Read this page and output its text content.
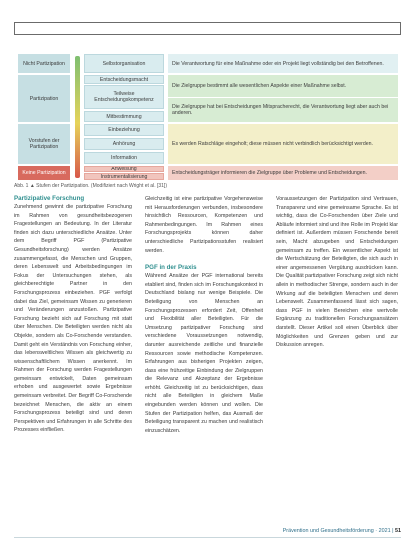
Nicht Partizipation
Partizipation
Vorstufen der Partizipation
Keine Partizipation
Selbstorganisation
Entscheidungsmacht
Teilweise Entscheidungskompetenz
Mitbestimmung
Einbeziehung
Anhörung
Information
Anweisung
Instrumentalisierung
Die Verantwortung für eine Maßnahme oder ein Projekt liegt vollständig bei den Betroffenen.
Die Zielgruppe bestimmt alle wesentlichen Aspekte einer Maßnahme selbst.
Die Zielgruppe hat bei Entscheidungen Mitspracherecht, die Verantwortung liegt aber auch bei anderen.
Es werden Ratschläge eingeholt; diese müssen nicht verbindlich berücksichtigt werden.
Entscheidungsträger informieren die Zielgruppe über Probleme und Entscheidungen.
Abb. 1 ▲ Stufen der Partizipation. (Modifiziert nach Wright et al. [31])
Partizipative Forschung

Zunehmend gewinnt die partizipative Forschung im Rahmen von gesundheitsbezogenen Fragestellungen an Bedeutung. In der Literatur finden sich dazu unterschiedliche Ansätze. Unter dem Begriff PGF (Partizipative Gesundheitsforschung) werden Ansätze zusammengefasst, die Menschen und Gruppen, deren Lebenswelt und Arbeitsbedingungen im Fokus der Untersuchungen stehen, als gleichberechtigte Partner in den Forschungsprozess einbeziehen. PGF verfolgt dabei das Ziel, gemeinsam Wissen zu generieren und Veränderungen anzustoßen. Partizipative Forschung bezieht sich auf Forschung mit statt über Menschen. Die Beteiligten werden nicht als Objekte, sondern als Co-Forschende verstanden. Damit geht ein Verständnis von Forschung einher, das lebensweltliches Wissen als gleichwertig zu wissenschaftlichem Wissen anerkennt. Im Rahmen der Forschung werden Fragestellungen gemeinsam entwickelt, Daten gemeinsam erhoben und ausgewertet sowie Ergebnisse gemeinsam verbreitet. Der Begriff Co-Forschende bezeichnet Menschen, die aktiv an einem Forschungsprozess beteiligt sind und deren Perspektiven und Erfahrungen in alle Schritte des Prozesses einfließen.

Gleichzeitig ist eine partizipative Vorgehensweise mit Herausforderungen verbunden, insbesondere hinsichtlich Ressourcen, Kompetenzen und Rahmenbedingungen. Im Rahmen eines Forschungsprojekts können daher unterschiedliche Partizipationsstufen realisiert werden.

PGF in der Praxis

Während Ansätze der PGF international bereits etabliert sind, finden sich im Forschungskontext in Deutschland bislang nur wenige Beispiele. Die Beteiligung von Menschen an Forschungsprozessen erfordert Zeit, Offenheit und Flexibilität aller Beteiligten. Für die Umsetzung partizipativer Forschung sind verschiedene Voraussetzungen notwendig, darunter ausreichende zeitliche und finanzielle Ressourcen sowie methodische Kompetenzen. Erfahrungen aus bisherigen Projekten zeigen, dass eine frühzeitige Einbindung der Zielgruppen die Relevanz und Akzeptanz der Ergebnisse erhöht. Gleichzeitig ist zu berücksichtigen, dass nicht alle Beteiligten in gleichem Maße eingebunden werden können und wollen. Die Stufen der Partizipation helfen, das Ausmaß der Beteiligung transparent zu machen und realistisch einzuschätzen.

Voraussetzungen der Partizipation sind Vertrauen, Transparenz und eine gemeinsame Sprache. Es ist wichtig, dass die Co-Forschenden über Ziele und Abläufe informiert sind und ihre Rolle im Projekt klar definiert ist. Außerdem müssen Forschende bereit sein, Macht abzugeben und Entscheidungen gemeinsam zu treffen. Ein wesentlicher Aspekt ist die Wertschätzung der Beteiligten, die sich auch in einer angemessenen Vergütung ausdrücken kann. Die Qualität partizipativer Forschung zeigt sich nicht allein in methodischer Strenge, sondern auch in der Wirkung auf die beteiligten Menschen und deren Lebenswelt. Zusammenfassend lässt sich sagen, dass PGF in vielen Bereichen eine wertvolle Ergänzung zu traditionellen Forschungsansätzen darstellt. Dieser Artikel soll einen Überblick über Möglichkeiten und Grenzen geben und zur Diskussion anregen.

Prävention und Gesundheitsförderung · 2021 | 51
